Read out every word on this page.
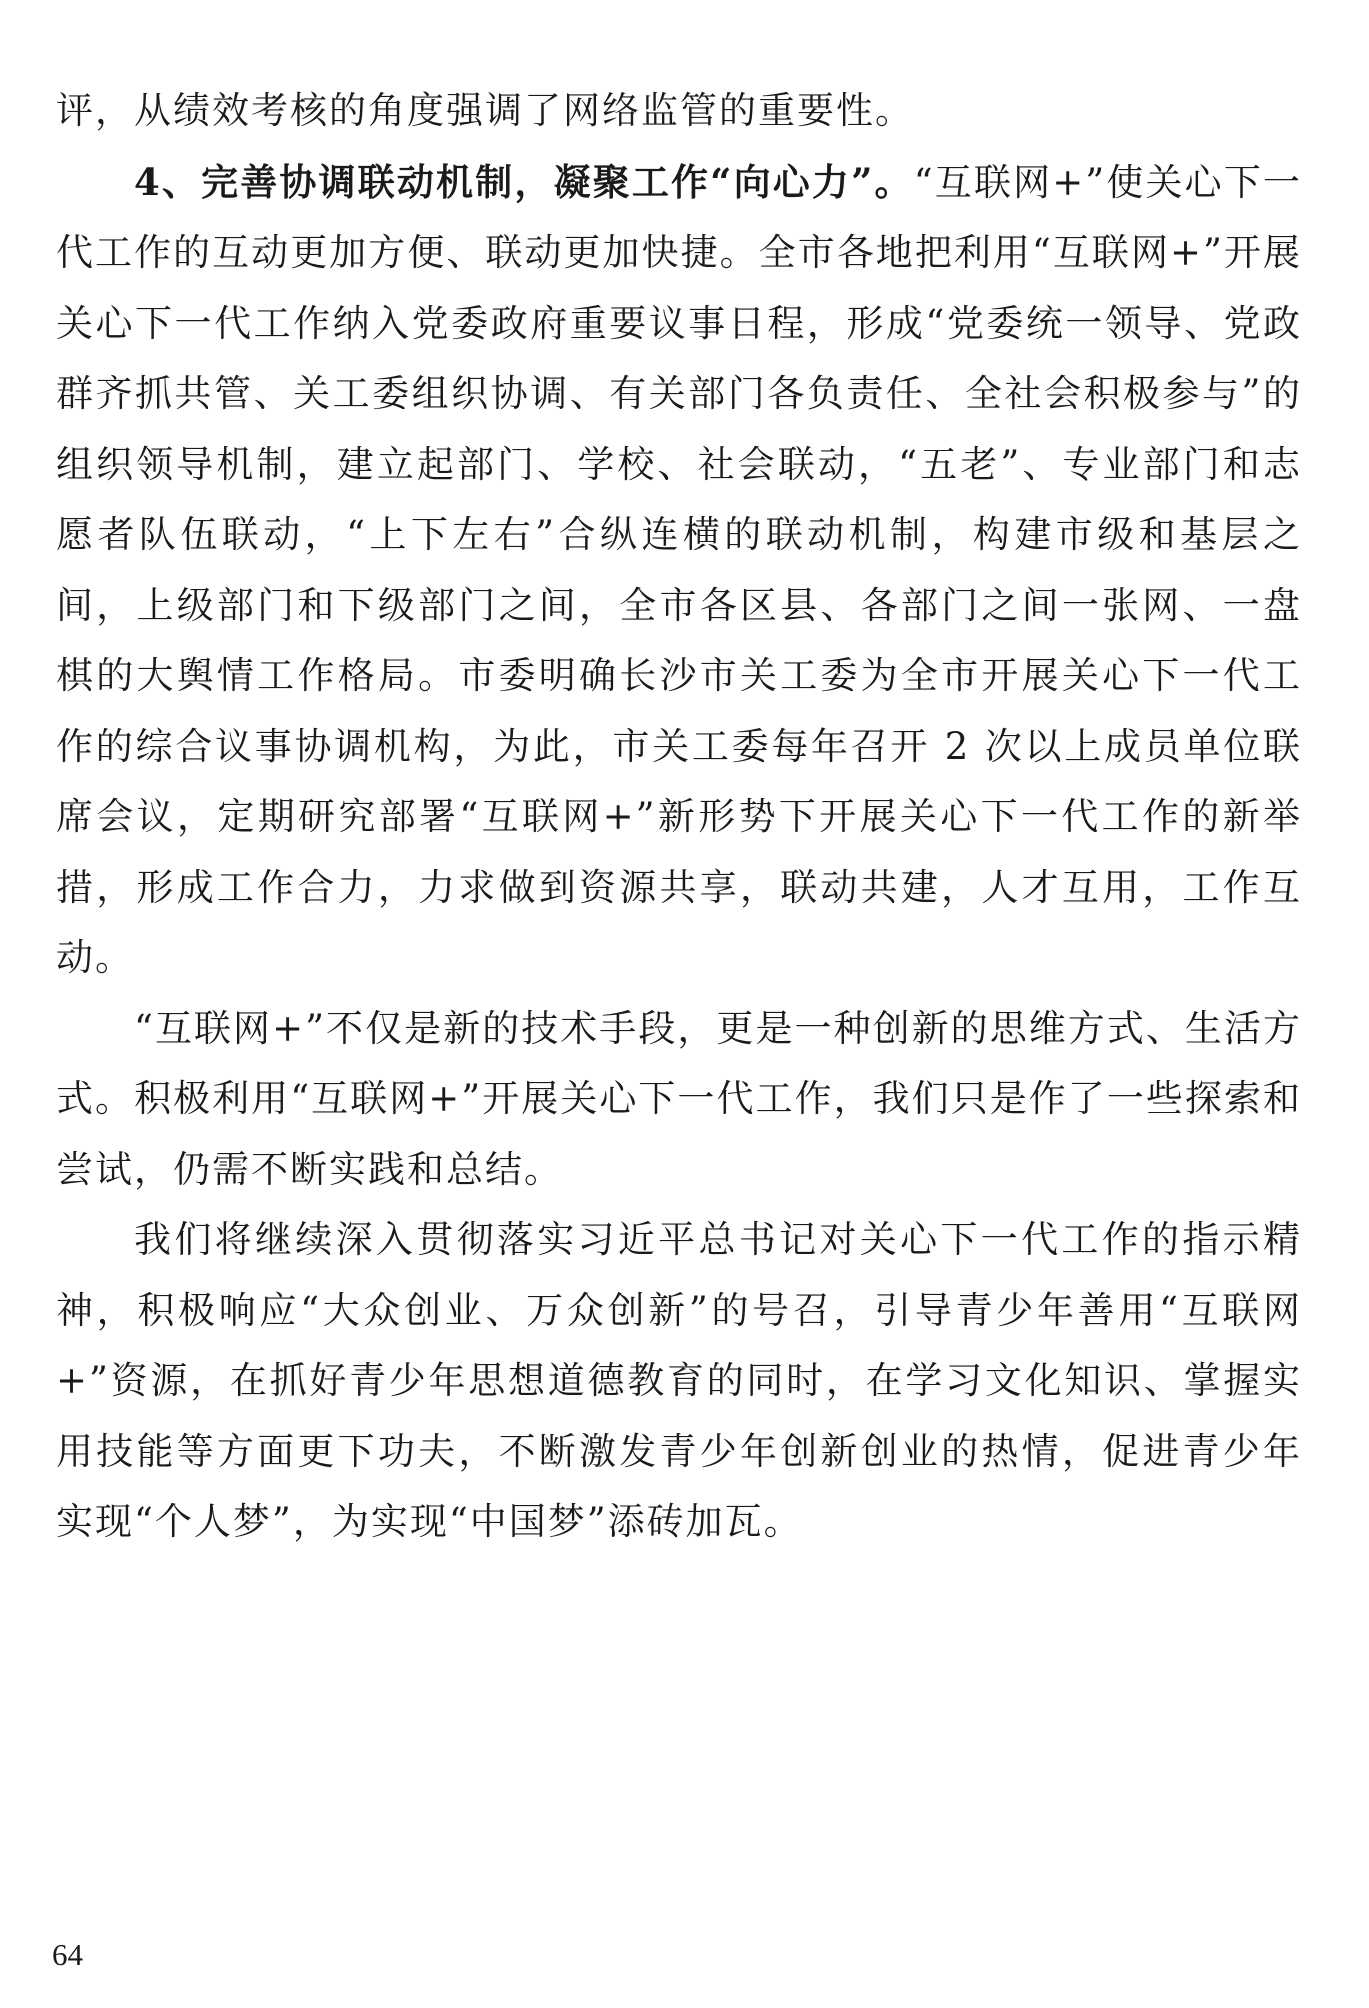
评，从绩效考核的角度强调了网络监管的重要性。

4、完善协调联动机制，凝聚工作“向心力”。“互联网+”使关心下一代工作的互动更加方便、联动更加快捷。全市各地把利用“互联网+”开展关心下一代工作纳入党委政府重要议事日程，形成“党委统一领导、党政群齐抓共管、关工委组织协调、有关部门各负责任、全社会积极参与”的组织领导机制，建立起部门、学校、社会联动，“五老”、专业部门和志愿者队伍联动，“上下左右”合纵连横的联动机制，构建市级和基层之间，上级部门和下级部门之间，全市各区县、各部门之间一张网、一盘棋的大舆情工作格局。市委明确长沙市关工委为全市开展关心下一代工作的综合议事协调机构，为此，市关工委每年召开 2 次以上成员单位联席会议，定期研究部署“互联网+”新形势下开展关心下一代工作的新举措，形成工作合力，力求做到资源共享，联动共建，人才互用，工作互动。

“互联网+”不仅是新的技术手段，更是一种创新的思维方式、生活方式。积极利用“互联网+”开展关心下一代工作，我们只是作了一些探索和尝试，仍需不断实践和总结。

我们将继续深入贯彻落实习近平总书记对关心下一代工作的指示精神，积极响应“大众创业、万众创新”的号召，引导青少年善用“互联网+”资源，在抓好青少年思想道德教育的同时，在学习文化知识、掌握实用技能等方面更下功夫，不断激发青少年创新创业的热情，促进青少年实现“个人梦”，为实现“中国梦”添砖加瓦。

64
